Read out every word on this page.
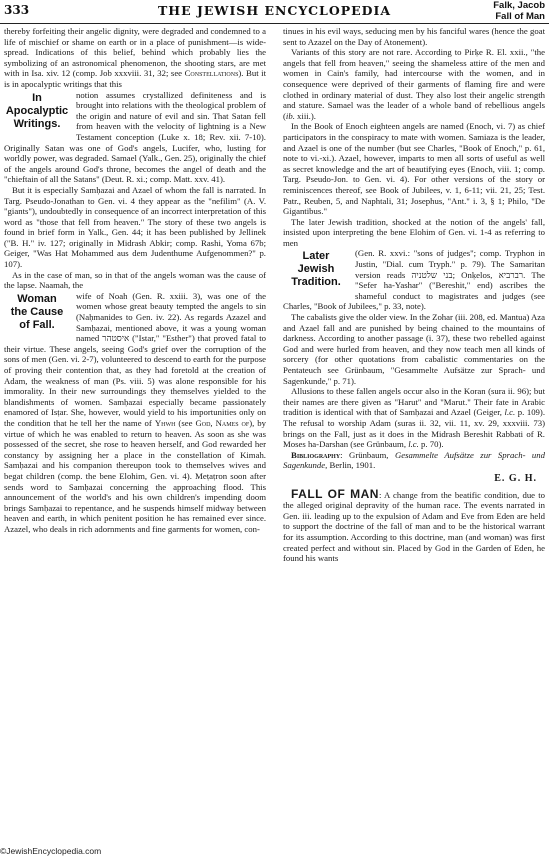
333	THE JEWISH ENCYCLOPEDIA	Falk, Jacob
Fall of Man

thereby forfeiting their angelic dignity, were degraded and condemned to a life of mischief or shame on earth or in a place of punishment—is wide-spread. Indications of this belief, behind which probably lies the symbolizing of an astronomical phenomenon, the shooting stars, are met with in Isa. xiv. 12 (comp. Job xxxviii. 31, 32; see Constellations). But it is in apocalyptic writings that this

In
Apocalyptic
Writings.

notion assumes crystallized definiteness and is brought into relations with the theological problem of the origin and nature of evil and sin. That Satan fell from heaven with the velocity of lightning is a New Testament conception (Luke x. 18; Rev. xii. 7-10). Originally Satan was one of God's angels, Lucifer, who, lusting for worldly power, was degraded. Samael (Yalk., Gen. 25), originally the chief of the angels around God's throne, becomes the angel of death and the "chieftain of all the Satans" (Deut. R. xi.; comp. Matt. xxv. 41).

But it is especially Samḥazai and Azael of whom the fall is narrated. In Targ. Pseudo-Jonathan to Gen. vi. 4 they appear as the "nefilim" (A. V. "giants"), undoubtedly in consequence of an incorrect interpretation of this word as "those that fell from heaven." The story of these two angels is found in brief form in Yalk., Gen. 44; it has been published by Jellinek ("B. H." iv. 127; originally in Midrash Abkir; comp. Rashi, Yoma 67b; Geiger, "Was Hat Mohammed aus dem Judenthume Aufgenommen?" p. 107).

As in the case of man, so in that of the angels woman was the cause of the lapse. Naamah, the

Woman
the Cause
of Fall.

wife of Noah (Gen. R. xxiii. 3), was one of the women whose great beauty tempted the angels to sin (Naḥmanides to Gen. iv. 22). As regards Azazel and Samḥazai, mentioned above, it was a young woman named איסטהר ("Istar," "Esther") that proved fatal to their virtue. These angels, seeing God's grief over the corruption of the sons of men (Gen. vi. 2-7), volunteered to descend to earth for the purpose of proving their contention that, as they had foretold at the creation of Adam, the weakness of man (Ps. viii. 5) was alone responsible for his immorality. In their new surroundings they themselves yielded to the blandishments of women. Samḥazai especially became passionately enamored of Isṭar. She, however, would yield to his importunities only on the condition that he tell her the name of Yhwh (see God, Names of), by virtue of which he was enabled to return to heaven. As soon as she was possessed of the secret, she rose to heaven herself, and God rewarded her constancy by assigning her a place in the constellation of Kimah. Samḥazai and his companion thereupon took to themselves wives and begat children (comp. the bene Elohim, Gen. vi. 4). Meṭaṭron soon after sends word to Samḥazai concerning the approaching flood. This announcement of the world's and his own children's impending doom brings Samḥazai to repentance, and he suspends himself midway between heaven and earth, in which penitent position he has remained ever since. Azazel, who deals in rich adornments and fine garments for women, con-

tinues in his evil ways, seducing men by his fanciful wares (hence the goat sent to Azazel on the Day of Atonement).

Variants of this story are not rare. According to Pirḳe R. El. xxii., "the angels that fell from heaven," seeing the shameless attire of the men and women in Cain's family, had intercourse with the women, and in consequence were deprived of their garments of flaming fire and were clothed in ordinary material of dust. They also lost their angelic strength and stature. Samael was the leader of a whole band of rebellious angels (ib. xiii.).

In the Book of Enoch eighteen angels are named (Enoch, vi. 7) as chief participators in the conspiracy to mate with women. Samiaza is the leader, and Azael is one of the number (but see Charles, "Book of Enoch," p. 61, note to vi.-xi.). Azael, however, imparts to men all sorts of useful as well as secret knowledge and the art of beautifying eyes (Enoch, viii. 1; comp. Targ. Pseudo-Jon. to Gen. vi. 4). For other versions of the story or reminiscences thereof, see Book of Jubilees, v. 1, 6-11; vii. 21, 25; Test. Patr., Reuben, 5, and Naphtali, 31; Josephus, "Ant." i. 3, § 1; Philo, "De Gigantibus."

The later Jewish tradition, shocked at the notion of the angels' fall, insisted upon interpreting the bene Elohim of Gen. vi. 1-4 as referring to men

Later
Jewish
Tradition.

(Gen. R. xxvi.: "sons of judges"; comp. Tryphon in Justin, "Dial. cum Tryph." p. 79). The Samaritan version reads בני שלטניה; Onḳelos, רברביא. The "Sefer ha-Yashar" ("Bereshit," end) ascribes the shameful conduct to magistrates and judges (see Charles, "Book of Jubilees," p. 33, note).

The cabalists give the older view. In the Zohar (iii. 208, ed. Mantua) Aza and Azael fall and are punished by being chained to the mountains of darkness. According to another passage (i. 37), these two rebelled against God and were hurled from heaven, and they now teach men all kinds of sorcery (for other quotations from cabalistic commentaries on the Pentateuch see Grünbaum, "Gesammelte Aufsätze zur Sprach- und Sagenkunde," p. 71).

Allusions to these fallen angels occur also in the Koran (sura ii. 96); but their names are there given as "Harut" and "Marut." Their fate in Arabic tradition is identical with that of Samḥazai and Azael (Geiger, l.c. p. 109). The refusal to worship Adam (suras ii. 32, vii. 11, xv. 29, xxxviii. 73) brings on the Fall, just as it does in the Midrash Bereshit Rabbati of R. Moses ha-Darshan (see Grünbaum, l.c. p. 70).

Bibliography: Grünbaum, Gesammelte Aufsätze zur Sprach- und Sagenkunde, Berlin, 1901.

E. G. H.

FALL OF MAN: A change from the beatific condition, due to the alleged original depravity of the human race. The events narrated in Gen. iii. leading up to the expulsion of Adam and Eve from Eden are held to support the doctrine of the fall of man and to be the historical warrant for its assumption. According to this doctrine, man (and woman) was first created perfect and without sin. Placed by God in the Garden of Eden, he found his wants

©JewishEncyclopedia.com
